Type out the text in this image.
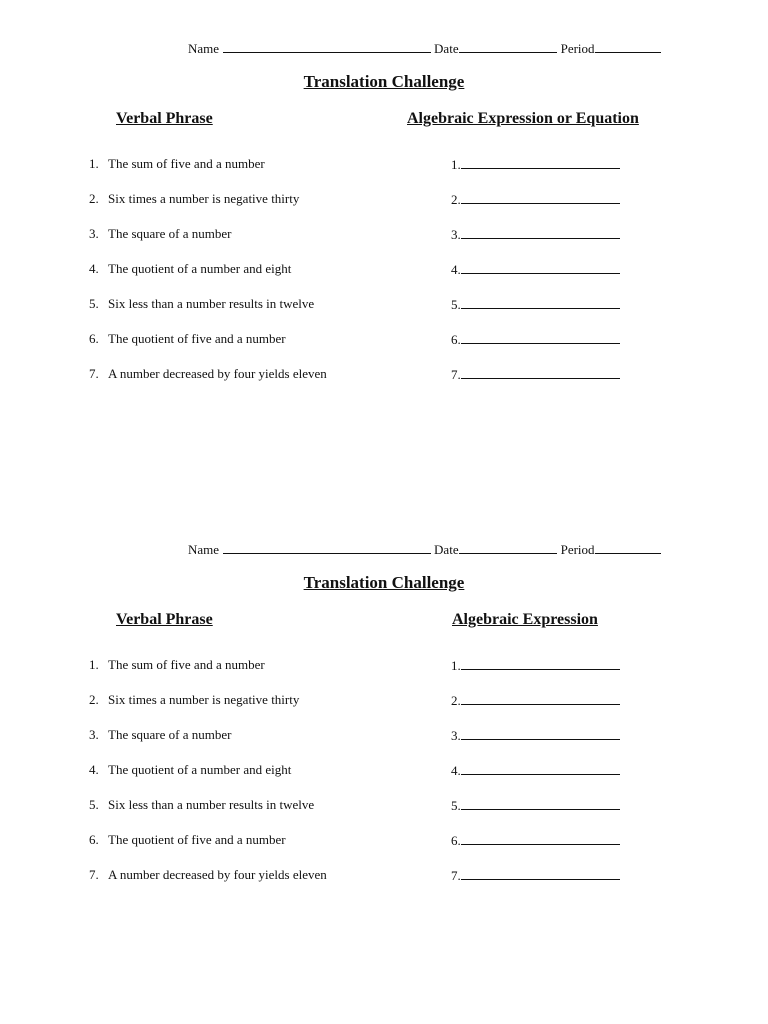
Name	Date	Period
Translation Challenge
Verbal Phrase	Algebraic Expression or Equation
1. The sum of five and a number	1.
2. Six times a number is negative thirty	2.
3. The square of a number	3.
4. The quotient of a number and eight	4.
5. Six less than a number results in twelve	5.
6. The quotient of five and a number	6.
7. A number decreased by four yields eleven	7.
Name	Date	Period
Translation Challenge
Verbal Phrase	Algebraic Expression
1. The sum of five and a number	1.
2. Six times a number is negative thirty	2.
3. The square of a number	3.
4. The quotient of a number and eight	4.
5. Six less than a number results in twelve	5.
6. The quotient of five and a number	6.
7. A number decreased by four yields eleven	7.
